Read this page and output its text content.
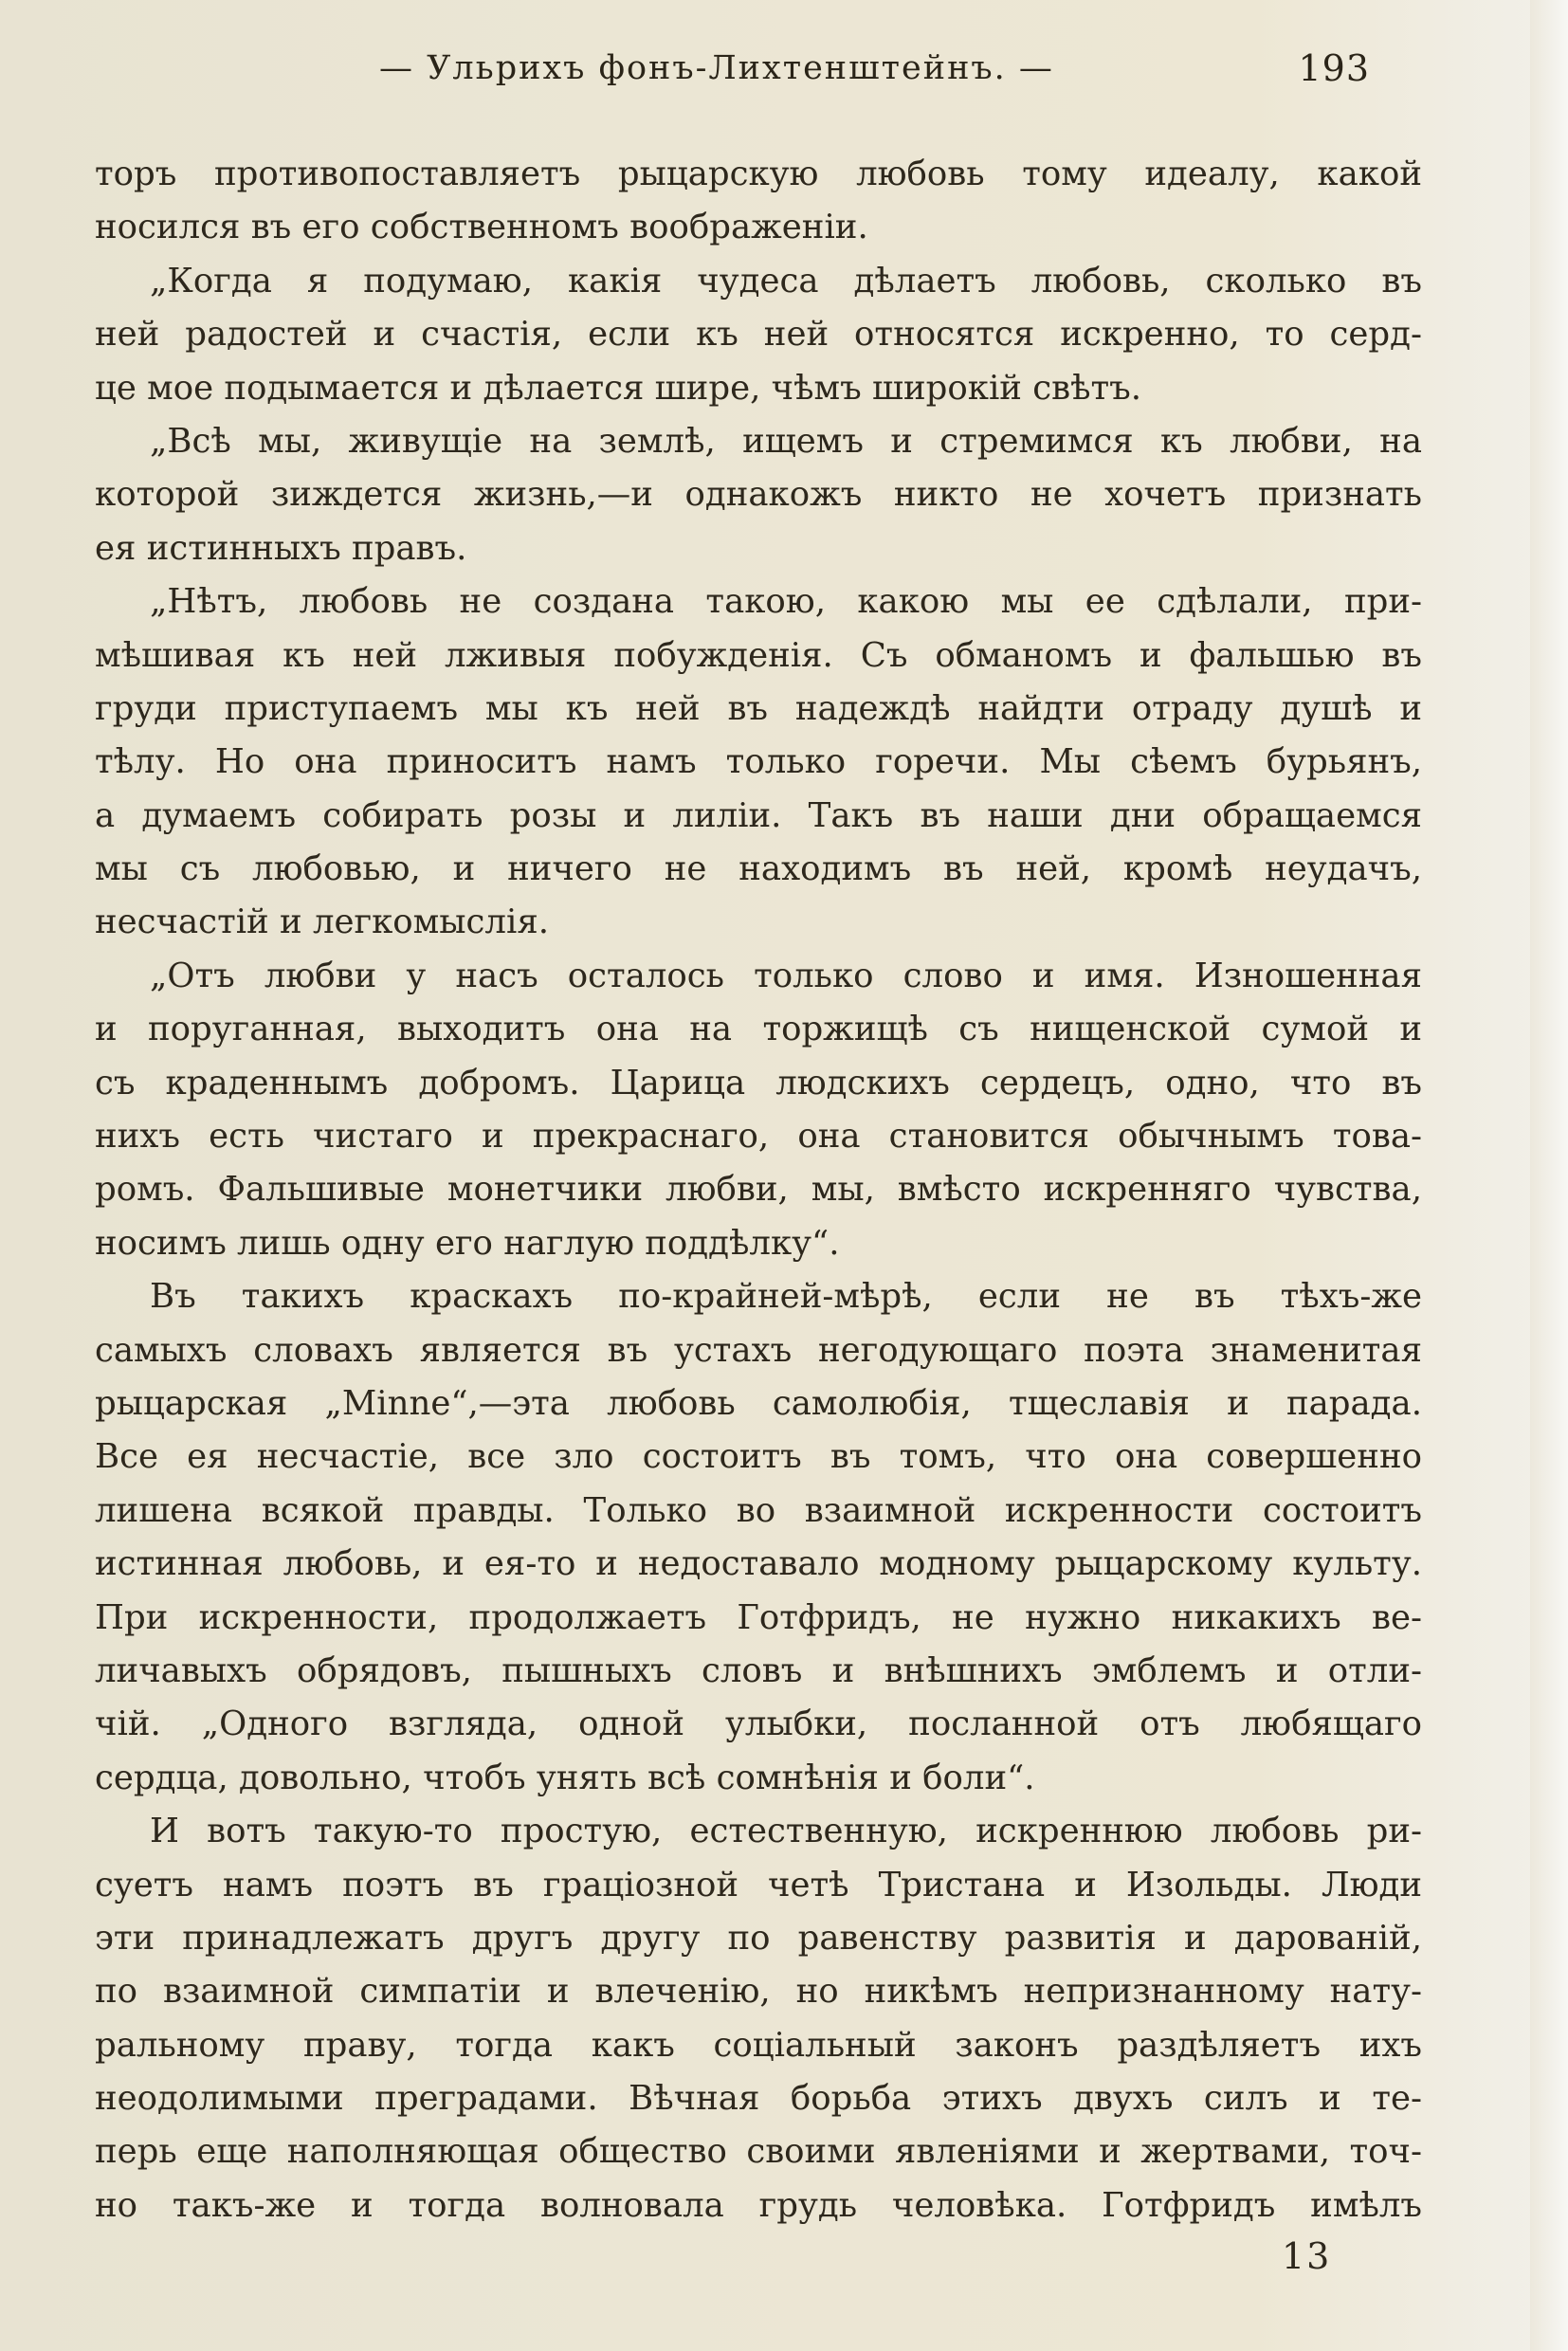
— Ульрихъ фонъ-Лихтенштейнъ. —	193
торъ противопоставляетъ рыцарскую любовь тому идеалу, какой
носился въ его собственномъ воображенiи.
„Когда я подумаю, какiя чудеса дѣлаетъ любовь, сколько въ
ней радостей и счастiя, если къ ней относятся искренно, то серд-
це мое подымается и дѣлается шире, чѣмъ широкiй свѣтъ.
„Всѣ мы, живущiе на землѣ, ищемъ и стремимся къ любви, на
которой зиждется жизнь,—и однакожъ никто не хочетъ признать
ея истинныхъ правъ.
„Нѣтъ, любовь не создана такою, какою мы ее сдѣлали, при-
мѣшивая къ ней лживыя побужденiя. Съ обманомъ и фальшью въ
груди приступаемъ мы къ ней въ надеждѣ найдти отраду душѣ и
тѣлу. Но она приноситъ намъ только горечи. Мы сѣемъ бурьянъ,
а думаемъ собирать розы и лилiи. Такъ въ наши дни обращаемся
мы съ любовью, и ничего не находимъ въ ней, кромѣ неудачъ,
несчастiй и легкомыслiя.
„Отъ любви у насъ осталось только слово и имя. Изношенная
и поруганная, выходитъ она на торжищѣ съ нищенской сумой и
съ краденнымъ добромъ. Царица людскихъ сердецъ, одно, что въ
нихъ есть чистаго и прекраснаго, она становится обычнымъ това-
ромъ. Фальшивые монетчики любви, мы, вмѣсто искренняго чувства,
носимъ лишь одну его наглую поддѣлку“.
Въ такихъ краскахъ по-крайней-мѣрѣ, если не въ тѣхъ-же
самыхъ словахъ является въ устахъ негодующаго поэта знаменитая
рыцарская „Minne“,—эта любовь самолюбiя, тщеславiя и парада.
Все ея несчастiе, все зло состоитъ въ томъ, что она совершенно
лишена всякой правды. Только во взаимной искренности состоитъ
истинная любовь, и ея-то и недоставало модному рыцарскому культу.
При искренности, продолжаетъ Готфридъ, не нужно никакихъ ве-
личавыхъ обрядовъ, пышныхъ словъ и внѣшнихъ эмблемъ и отли-
чiй. „Одного взгляда, одной улыбки, посланной отъ любящаго
сердца, довольно, чтобъ унять всѣ сомнѣнiя и боли“.
И вотъ такую-то простую, естественную, искреннюю любовь ри-
суетъ намъ поэтъ въ грацiозной четѣ Тристана и Изольды. Люди
эти принадлежатъ другъ другу по равенству развитiя и дарованiй,
по взаимной симпатiи и влеченiю, но никѣмъ непризнанному нату-
ральному праву, тогда какъ соцiальный законъ раздѣляетъ ихъ
неодолимыми преградами. Вѣчная борьба этихъ двухъ силъ и те-
перь еще наполняющая общество своими явленiями и жертвами, точ-
но такъ-же и тогда волновала грудь человѣка. Готфридъ имѣлъ
13
